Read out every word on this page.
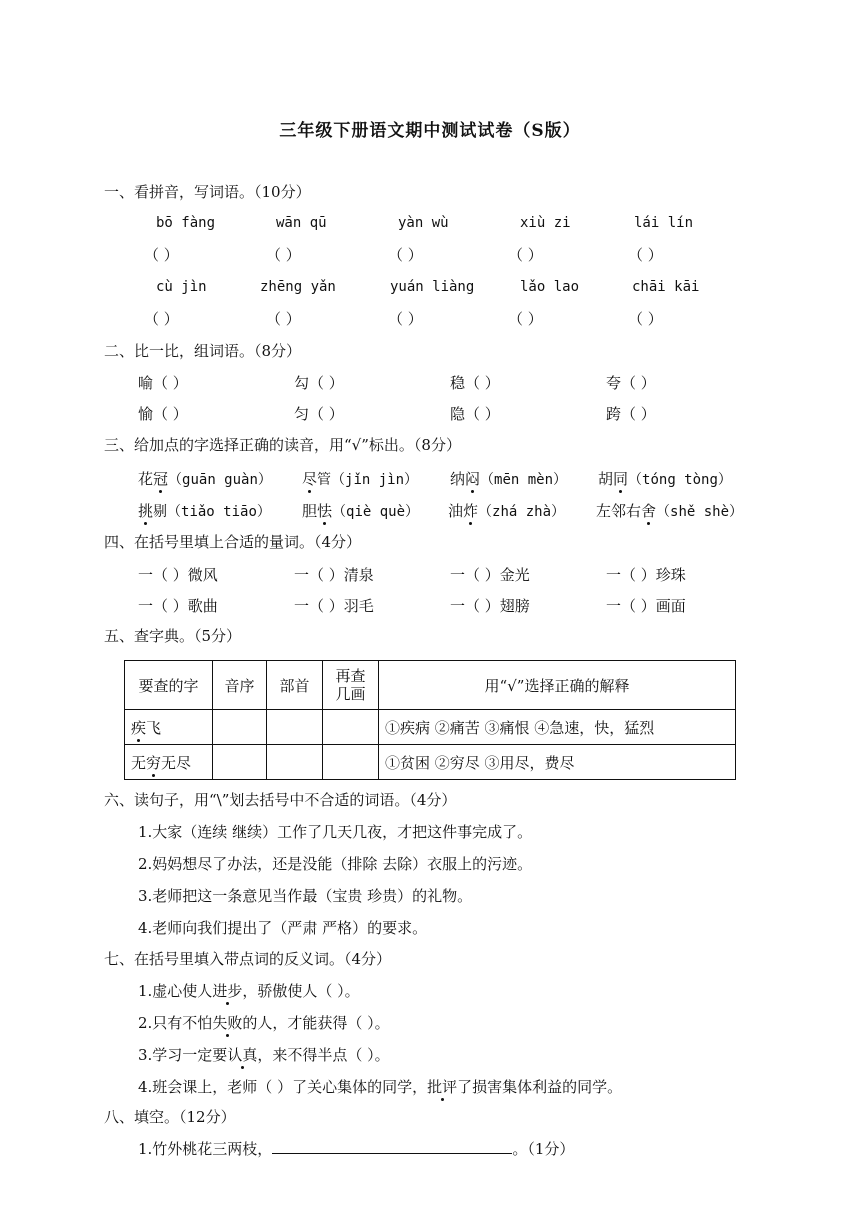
三年级下册语文期中测试试卷（S版）
一、看拼音，写词语。（10分）
bō fàng	wān qū	yàn wù	xiù zi	lái lín
（ ）	（ ）	（ ）	（ ）	（ ）
cù jìn	zhēng yǎn	yuán liàng	lǎo lao	chāi kāi
（ ）	（ ）	（ ）	（ ）	（ ）
二、比一比，组词语。（8分）
喻（ ）	勾（ ）	稳（ ）	夸（ ）
愉（ ）	匀（ ）	隐（ ）	跨（ ）
三、给加点的字选择正确的读音，用“√”标出。（8分）
花冠（guān guàn） 尽管（jǐn jìn） 纳闷（mēn mèn） 胡同（tóng tòng）
挑剔（tiǎo tiāo） 胆怯（qiè què） 油炸（zhá zhà） 左邻右舍（shě shè）
四、在括号里填上合适的量词。（4分）
一（ ）微风	一（ ）清泉	一（ ）金光	一（ ）珍珠
一（ ）歌曲	一（ ）羽毛	一（ ）翅膀	一（ ）画面
五、查字典。（5分）
要查的字	音序	部首	再查几画	用“√”选择正确的解释
疾飞				①疾病 ②痛苦 ③痛恨 ④急速，快，猛烈
无穷无尽				①贫困 ②穷尽 ③用尽，费尽
六、读句子，用“\”划去括号中不合适的词语。（4分）
1.大家（连续 继续）工作了几天几夜，才把这件事完成了。
2.妈妈想尽了办法，还是没能（排除 去除）衣服上的污迹。
3.老师把这一条意见当作最（宝贵 珍贵）的礼物。
4.老师向我们提出了（严肃 严格）的要求。
七、在括号里填入带点词的反义词。（4分）
1.虚心使人进步，骄傲使人（ ）。
2.只有不怕失败的人，才能获得（ ）。
3.学习一定要认真，来不得半点（ ）。
4.班会课上，老师（ ）了关心集体的同学，批评了损害集体利益的同学。
八、填空。（12分）
1.竹外桃花三两枝，	。（1分）
